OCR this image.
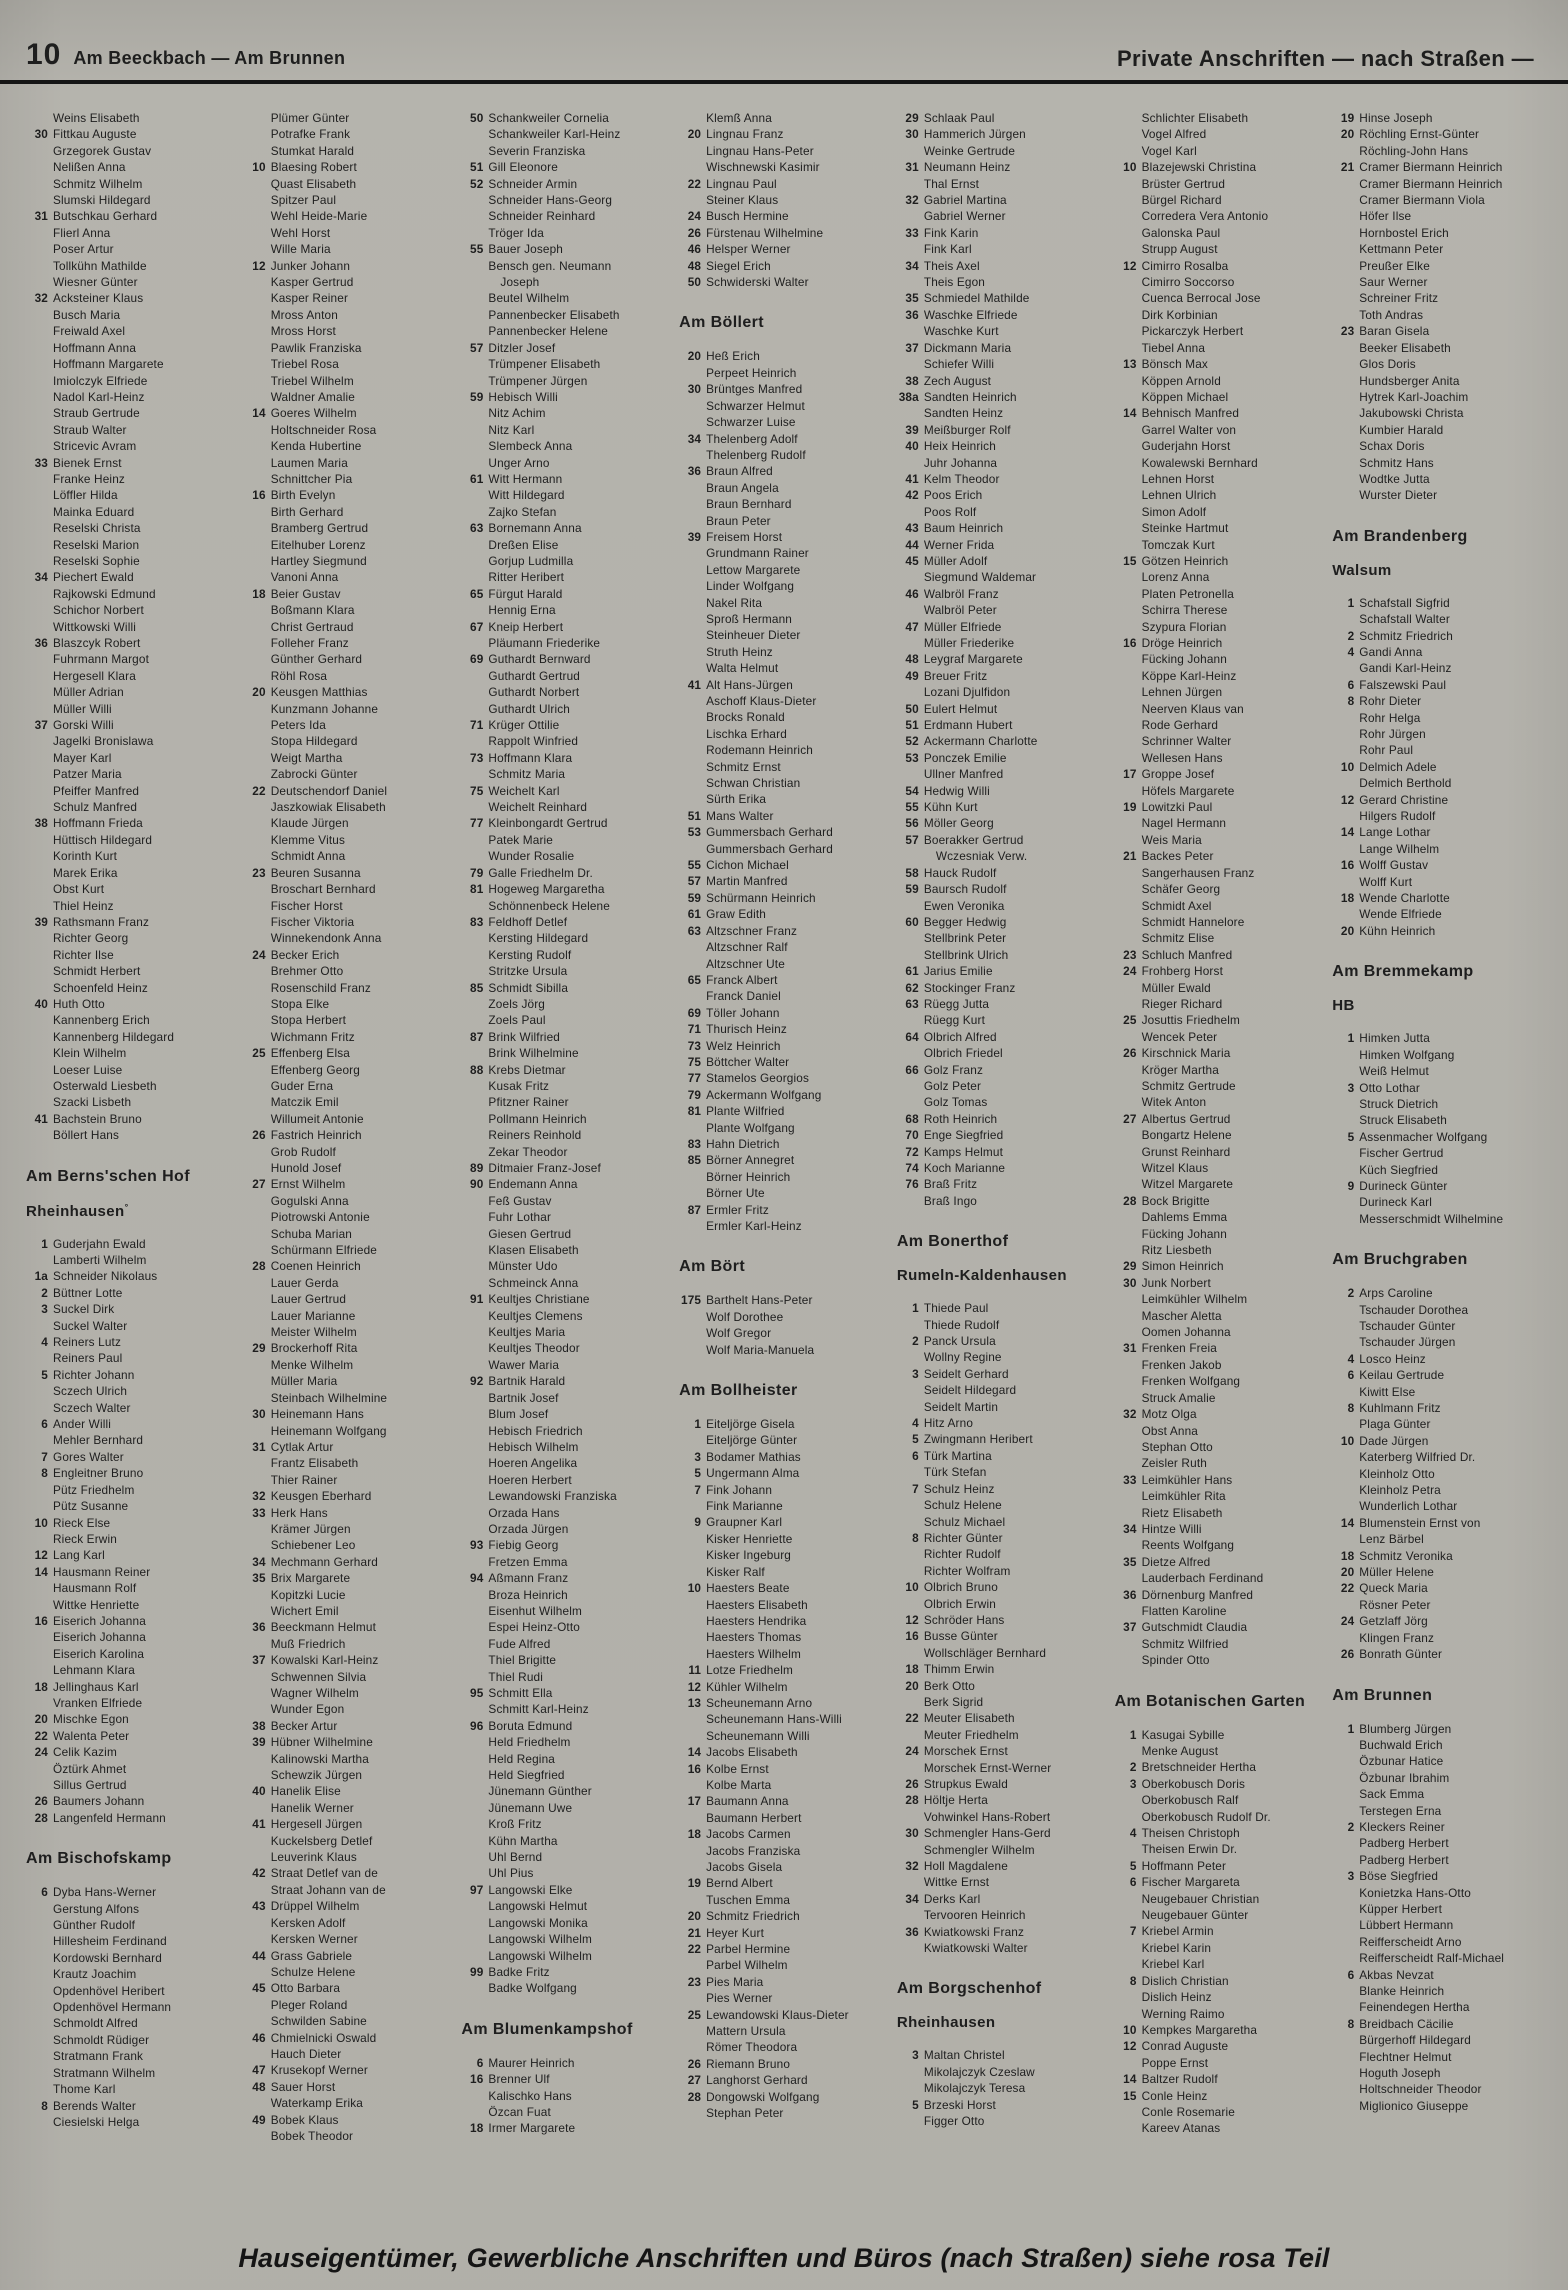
10 Am Beeckbach — Am Brunnen	Private Anschriften — nach Straßen —
Weins Elisabeth
30 Fittkau Auguste
Grzegorek Gustav
Nelißen Anna
Schmitz Wilhelm
Slumski Hildegard
31 Butschkau Gerhard
Flierl Anna
Poser Artur
Tollkühn Mathilde
Wiesner Günter
32 Acksteiner Klaus
Busch Maria
Freiwald Axel
Hoffmann Anna
Hoffmann Margarete
Imiolczyk Elfriede
Nadol Karl-Heinz
Straub Gertrude
Straub Walter
Stricevic Avram
33 Bienek Ernst
Franke Heinz
Löffler Hilda
Mainka Eduard
Reselski Christa
Reselski Marion
Reselski Sophie
34 Piechert Ewald
Rajkowski Edmund
Schichor Norbert
Wittkowski Willi
36 Blaszcyk Robert
Fuhrmann Margot
Hergesell Klara
Müller Adrian
Müller Willi
37 Gorski Willi
Jagelki Bronislawa
Mayer Karl
Patzer Maria
Pfeiffer Manfred
Schulz Manfred
38 Hoffmann Frieda
Hüttisch Hildegard
Korinth Kurt
Marek Erika
Obst Kurt
Thiel Heinz
39 Rathsmann Franz
Richter Georg
Richter Ilse
Schmidt Herbert
Schoenfeld Heinz
40 Huth Otto
Kannenberg Erich
Kannenberg Hildegard
Klein Wilhelm
Loeser Luise
Osterwald Liesbeth
Szacki Lisbeth
41 Bachstein Bruno
Böllert Hans
Am Berns'schen Hof
Rheinhausen°
1 Guderjahn Ewald
Lamberti Wilhelm
1a Schneider Nikolaus
2 Büttner Lotte
3 Suckel Dirk
Suckel Walter
4 Reiners Lutz
Reiners Paul
5 Richter Johann
Sczech Ulrich
Sczech Walter
6 Ander Willi
Mehler Bernhard
7 Gores Walter
8 Engleitner Bruno
Pütz Friedhelm
Pütz Susanne
10 Rieck Else
Rieck Erwin
12 Lang Karl
14 Hausmann Reiner
Hausmann Rolf
Wittke Henriette
16 Eiserich Johanna
Eiserich Johanna
Eiserich Karolina
Lehmann Klara
18 Jellinghaus Karl
Vranken Elfriede
20 Mischke Egon
22 Walenta Peter
24 Celik Kazim
Öztürk Ahmet
Sillus Gertrud
26 Baumers Johann
28 Langenfeld Hermann
Am Bischofskamp
6 Dyba Hans-Werner
Gerstung Alfons
Günther Rudolf
Hillesheim Ferdinand
Kordowski Bernhard
Krautz Joachim
Opdenhövel Heribert
Opdenhövel Hermann
Schmoldt Alfred
Schmoldt Rüdiger
Stratmann Frank
Stratmann Wilhelm
Thome Karl
8 Berends Walter
Ciesielski Helga
Plümer Günter
Potrafke Frank
Stumkat Harald
10 Blaesing Robert
Quast Elisabeth
Spitzer Paul
Wehl Heide-Marie
Wehl Horst
Wille Maria
12 Junker Johann
Kasper Gertrud
Kasper Reiner
Mross Anton
Mross Horst
Pawlik Franziska
Triebel Rosa
Triebel Wilhelm
Waldner Amalie
14 Goeres Wilhelm
Holtschneider Rosa
Kenda Hubertine
Laumen Maria
Schnittcher Pia
16 Birth Evelyn
Birth Gerhard
Bramberg Gertrud
Eitelhuber Lorenz
Hartley Siegmund
Vanoni Anna
18 Beier Gustav
Boßmann Klara
Christ Gertraud
Folleher Franz
Günther Gerhard
Röhl Rosa
20 Keusgen Matthias
Kunzmann Johanne
Peters Ida
Stopa Hildegard
Weigt Martha
Zabrocki Günter
22 Deutschendorf Daniel
Jaszkowiak Elisabeth
Klaude Jürgen
Klemme Vitus
Schmidt Anna
23 Beuren Susanna
Broschart Bernhard
Fischer Horst
Fischer Viktoria
Winnekendonk Anna
24 Becker Erich
Brehmer Otto
Rosenschild Franz
Stopa Elke
Stopa Herbert
Wichmann Fritz
25 Effenberg Elsa
Effenberg Georg
Guder Erna
Matczik Emil
Willumeit Antonie
26 Fastrich Heinrich
Grob Rudolf
Hunold Josef
27 Ernst Wilhelm
Gogulski Anna
Piotrowski Antonie
Schuba Marian
Schürmann Elfriede
28 Coenen Heinrich
Lauer Gerda
Lauer Gertrud
Lauer Marianne
Meister Wilhelm
29 Brockerhoff Rita
Menke Wilhelm
Müller Maria
Steinbach Wilhelmine
30 Heinemann Hans
Heinemann Wolfgang
31 Cytlak Artur
Frantz Elisabeth
Thier Rainer
32 Keusgen Eberhard
33 Herk Hans
Krämer Jürgen
Schiebener Leo
34 Mechmann Gerhard
35 Brix Margarete
Kopitzki Lucie
Wichert Emil
36 Beeckmann Helmut
Muß Friedrich
37 Kowalski Karl-Heinz
Schwennen Silvia
Wagner Wilhelm
Wunder Egon
38 Becker Artur
39 Hübner Wilhelmine
Kalinowski Martha
Schewzik Jürgen
40 Hanelik Elise
Hanelik Werner
41 Hergesell Jürgen
Kuckelsberg Detlef
Leuverink Klaus
42 Straat Detlef van de
Straat Johann van de
43 Drüppel Wilhelm
Kersken Adolf
Kersken Werner
44 Grass Gabriele
Schulze Helene
45 Otto Barbara
Pleger Roland
Schwilden Sabine
46 Chmielnicki Oswald
Hauch Dieter
47 Krusekopf Werner
48 Sauer Horst
Waterkamp Erika
49 Bobek Klaus
Bobek Theodor
50 Schankweiler Cornelia
Schankweiler Karl-Heinz
Severin Franziska
51 Gill Eleonore
52 Schneider Armin
Schneider Hans-Georg
Schneider Reinhard
Tröger Ida
55 Bauer Joseph
Bensch gen. Neumann
Joseph
Beutel Wilhelm
Pannenbecker Elisabeth
Pannenbecker Helene
57 Ditzler Josef
Trümpener Elisabeth
Trümpener Jürgen
59 Hebisch Willi
Nitz Achim
Nitz Karl
Slembeck Anna
Unger Arno
61 Witt Hermann
Witt Hildegard
Zajko Stefan
63 Bornemann Anna
Dreßen Elise
Gorjup Ludmilla
Ritter Heribert
65 Fürgut Harald
Hennig Erna
67 Kneip Herbert
Pläumann Friederike
69 Guthardt Bernward
Guthardt Gertrud
Guthardt Norbert
Guthardt Ulrich
71 Krüger Ottilie
Rappolt Winfried
73 Hoffmann Klara
Schmitz Maria
75 Weichelt Karl
Weichelt Reinhard
77 Kleinbongardt Gertrud
Patek Marie
Wunder Rosalie
79 Galle Friedhelm Dr.
81 Hogeweg Margaretha
Schönnenbeck Helene
83 Feldhoff Detlef
Kersting Hildegard
Kersting Rudolf
Stritzke Ursula
85 Schmidt Sibilla
Zoels Jörg
Zoels Paul
87 Brink Wilfried
Brink Wilhelmine
88 Krebs Dietmar
Kusak Fritz
Pfitzner Rainer
Pollmann Heinrich
Reiners Reinhold
Zekar Theodor
89 Ditmaier Franz-Josef
90 Endemann Anna
Feß Gustav
Fuhr Lothar
Giesen Gertrud
Klasen Elisabeth
Münster Udo
Schmeinck Anna
91 Keultjes Christiane
Keultjes Clemens
Keultjes Maria
Keultjes Theodor
Wawer Maria
92 Bartnik Harald
Bartnik Josef
Blum Josef
Hebisch Friedrich
Hebisch Wilhelm
Hoeren Angelika
Hoeren Herbert
Lewandowski Franziska
Orzada Hans
Orzada Jürgen
93 Fiebig Georg
Fretzen Emma
94 Aßmann Franz
Broza Heinrich
Eisenhut Wilhelm
Espei Heinz-Otto
Fude Alfred
Thiel Brigitte
Thiel Rudi
95 Schmitt Ella
Schmitt Karl-Heinz
96 Boruta Edmund
Held Friedhelm
Held Regina
Held Siegfried
Jünemann Günther
Jünemann Uwe
Kroß Fritz
Kühn Martha
Uhl Bernd
Uhl Pius
97 Langowski Elke
Langowski Helmut
Langowski Monika
Langowski Wilhelm
Langowski Wilhelm
99 Badke Fritz
Badke Wolfgang
Am Blumenkampshof
6 Maurer Heinrich
16 Brenner Ulf
Kalischko Hans
Özcan Fuat
18 Irmer Margarete
Klemß Anna
20 Lingnau Franz
Lingnau Hans-Peter
Wischnewski Kasimir
22 Lingnau Paul
Steiner Klaus
24 Busch Hermine
26 Fürstenau Wilhelmine
46 Helsper Werner
48 Siegel Erich
50 Schwiderski Walter
Am Böllert
20 Heß Erich
Perpeet Heinrich
30 Brüntges Manfred
Schwarzer Helmut
Schwarzer Luise
34 Thelenberg Adolf
Thelenberg Rudolf
36 Braun Alfred
Braun Angela
Braun Bernhard
Braun Peter
39 Freisem Horst
Grundmann Rainer
Lettow Margarete
Linder Wolfgang
Nakel Rita
Sproß Hermann
Steinheuer Dieter
Struth Heinz
Walta Helmut
41 Alt Hans-Jürgen
Aschoff Klaus-Dieter
Brocks Ronald
Lischka Erhard
Rodemann Heinrich
Schmitz Ernst
Schwan Christian
Sürth Erika
51 Mans Walter
53 Gummersbach Gerhard
Gummersbach Gerhard
55 Cichon Michael
57 Martin Manfred
59 Schürmann Heinrich
61 Graw Edith
63 Altzschner Franz
Altzschner Ralf
Altzschner Ute
65 Franck Albert
Franck Daniel
69 Töller Johann
71 Thurisch Heinz
73 Welz Heinrich
75 Böttcher Walter
77 Stamelos Georgios
79 Ackermann Wolfgang
81 Plante Wilfried
Plante Wolfgang
83 Hahn Dietrich
85 Börner Annegret
Börner Heinrich
Börner Ute
87 Ermler Fritz
Ermler Karl-Heinz
Am Bört
175 Barthelt Hans-Peter
Wolf Dorothee
Wolf Gregor
Wolf Maria-Manuela
Am Bollheister
1 Eiteljörge Gisela
Eiteljörge Günter
3 Bodamer Mathias
5 Ungermann Alma
7 Fink Johann
Fink Marianne
9 Graupner Karl
Kisker Henriette
Kisker Ingeburg
Kisker Ralf
10 Haesters Beate
Haesters Elisabeth
Haesters Hendrika
Haesters Thomas
Haesters Wilhelm
11 Lotze Friedhelm
12 Kühler Wilhelm
13 Scheunemann Arno
Scheunemann Hans-Willi
Scheunemann Willi
14 Jacobs Elisabeth
16 Kolbe Ernst
Kolbe Marta
17 Baumann Anna
Baumann Herbert
18 Jacobs Carmen
Jacobs Franziska
Jacobs Gisela
19 Bernd Albert
Tuschen Emma
20 Schmitz Friedrich
21 Heyer Kurt
22 Parbel Hermine
Parbel Wilhelm
23 Pies Maria
Pies Werner
25 Lewandowski Klaus-Dieter
Mattern Ursula
Römer Theodora
26 Riemann Bruno
27 Langhorst Gerhard
28 Dongowski Wolfgang
Stephan Peter
29 Schlaak Paul
30 Hammerich Jürgen
Weinke Gertrude
31 Neumann Heinz
Thal Ernst
32 Gabriel Martina
Gabriel Werner
33 Fink Karin
Fink Karl
34 Theis Axel
Theis Egon
35 Schmiedel Mathilde
36 Waschke Elfriede
Waschke Kurt
37 Dickmann Maria
Schiefer Willi
38 Zech August
38a Sandten Heinrich
Sandten Heinz
39 Meißburger Rolf
40 Heix Heinrich
Juhr Johanna
41 Kelm Theodor
42 Poos Erich
Poos Rolf
43 Baum Heinrich
44 Werner Frida
45 Müller Adolf
Siegmund Waldemar
46 Walbröl Franz
Walbröl Peter
47 Müller Elfriede
Müller Friederike
48 Leygraf Margarete
49 Breuer Fritz
Lozani Djulfidon
50 Eulert Helmut
51 Erdmann Hubert
52 Ackermann Charlotte
53 Ponczek Emilie
Ullner Manfred
54 Hedwig Willi
55 Kühn Kurt
56 Möller Georg
57 Boerakker Gertrud
Wczesniak Verw.
58 Hauck Rudolf
59 Baursch Rudolf
Ewen Veronika
60 Begger Hedwig
Stellbrink Peter
Stellbrink Ulrich
61 Jarius Emilie
62 Stockinger Franz
63 Rüegg Jutta
Rüegg Kurt
64 Olbrich Alfred
Olbrich Friedel
66 Golz Franz
Golz Peter
Golz Tomas
68 Roth Heinrich
70 Enge Siegfried
72 Kamps Helmut
74 Koch Marianne
76 Braß Fritz
Braß Ingo
Am Bonerthof
Rumeln-Kaldenhausen
1 Thiede Paul
Thiede Rudolf
2 Panck Ursula
Wollny Regine
3 Seidelt Gerhard
Seidelt Hildegard
Seidelt Martin
4 Hitz Arno
5 Zwingmann Heribert
6 Türk Martina
Türk Stefan
7 Schulz Heinz
Schulz Helene
Schulz Michael
8 Richter Günter
Richter Rudolf
Richter Wolfram
10 Olbrich Bruno
Olbrich Erwin
12 Schröder Hans
16 Busse Günter
Wollschläger Bernhard
18 Thimm Erwin
20 Berk Otto
Berk Sigrid
22 Meuter Elisabeth
Meuter Friedhelm
24 Morschek Ernst
Morschek Ernst-Werner
26 Strupkus Ewald
28 Höltje Herta
Vohwinkel Hans-Robert
30 Schmengler Hans-Gerd
Schmengler Wilhelm
32 Holl Magdalene
Wittke Ernst
34 Derks Karl
Tervooren Heinrich
36 Kwiatkowski Franz
Kwiatkowski Walter
Am Borgschenhof
Rheinhausen
3 Maltan Christel
Mikolajczyk Czeslaw
Mikolajczyk Teresa
5 Brzeski Horst
Figger Otto
Schlichter Elisabeth
Vogel Alfred
Vogel Karl
10 Blazejewski Christina
Brüster Gertrud
Bürgel Richard
Corredera Vera Antonio
Galonska Paul
Strupp August
12 Cimirro Rosalba
Cimirro Soccorso
Cuenca Berrocal Jose
Dirk Korbinian
Pickarczyk Herbert
Tiebel Anna
13 Bönsch Max
Köppen Arnold
Köppen Michael
14 Behnisch Manfred
Garrel Walter von
Guderjahn Horst
Kowalewski Bernhard
Lehnen Horst
Lehnen Ulrich
Simon Adolf
Steinke Hartmut
Tomczak Kurt
15 Götzen Heinrich
Lorenz Anna
Platen Petronella
Schirra Therese
Szypura Florian
16 Dröge Heinrich
Fücking Johann
Köppe Karl-Heinz
Lehnen Jürgen
Neerven Klaus van
Rode Gerhard
Schrinner Walter
Wellesen Hans
17 Groppe Josef
Höfels Margarete
19 Lowitzki Paul
Nagel Hermann
Weis Maria
21 Backes Peter
Sangerhausen Franz
Schäfer Georg
Schmidt Axel
Schmidt Hannelore
Schmitz Elise
23 Schluch Manfred
24 Frohberg Horst
Müller Ewald
Rieger Richard
25 Josuttis Friedhelm
Wencek Peter
26 Kirschnick Maria
Kröger Martha
Schmitz Gertrude
Witek Anton
27 Albertus Gertrud
Bongartz Helene
Grunst Reinhard
Witzel Klaus
Witzel Margarete
28 Bock Brigitte
Dahlems Emma
Fücking Johann
Ritz Liesbeth
29 Simon Heinrich
30 Junk Norbert
Leimkühler Wilhelm
Mascher Aletta
Oomen Johanna
31 Frenken Freia
Frenken Jakob
Frenken Wolfgang
Struck Amalie
32 Motz Olga
Obst Anna
Stephan Otto
Zeisler Ruth
33 Leimkühler Hans
Leimkühler Rita
Rietz Elisabeth
34 Hintze Willi
Reents Wolfgang
35 Dietze Alfred
Lauderbach Ferdinand
36 Dörnenburg Manfred
Flatten Karoline
37 Gutschmidt Claudia
Schmitz Wilfried
Spinder Otto
Am Botanischen Garten
1 Kasugai Sybille
Menke August
2 Bretschneider Hertha
3 Oberkobusch Doris
Oberkobusch Ralf
Oberkobusch Rudolf Dr.
4 Theisen Christoph
Theisen Erwin Dr.
5 Hoffmann Peter
6 Fischer Margareta
Neugebauer Christian
Neugebauer Günter
7 Kriebel Armin
Kriebel Karin
Kriebel Karl
8 Dislich Christian
Dislich Heinz
Werning Raimo
10 Kempkes Margaretha
12 Conrad Auguste
Poppe Ernst
14 Baltzer Rudolf
15 Conle Heinz
Conle Rosemarie
Kareev Atanas
19 Hinse Joseph
20 Röchling Ernst-Günter
Röchling-John Hans
21 Cramer Biermann Heinrich
Cramer Biermann Heinrich
Cramer Biermann Viola
Höfer Ilse
Hornbostel Erich
Kettmann Peter
Preußer Elke
Saur Werner
Schreiner Fritz
Toth Andras
23 Baran Gisela
Beeker Elisabeth
Glos Doris
Hundsberger Anita
Hytrek Karl-Joachim
Jakubowski Christa
Kumbier Harald
Schax Doris
Schmitz Hans
Wodtke Jutta
Wurster Dieter
Am Brandenberg
Walsum
1 Schafstall Sigfrid
Schafstall Walter
2 Schmitz Friedrich
4 Gandi Anna
Gandi Karl-Heinz
6 Falszewski Paul
8 Rohr Dieter
Rohr Helga
Rohr Jürgen
Rohr Paul
10 Delmich Adele
Delmich Berthold
12 Gerard Christine
Hilgers Rudolf
14 Lange Lothar
Lange Wilhelm
16 Wolff Gustav
Wolff Kurt
18 Wende Charlotte
Wende Elfriede
20 Kühn Heinrich
Am Bremmekamp
HB
1 Himken Jutta
Himken Wolfgang
Weiß Helmut
3 Otto Lothar
Struck Dietrich
Struck Elisabeth
5 Assenmacher Wolfgang
Fischer Gertrud
Küch Siegfried
9 Durineck Günter
Durineck Karl
Messerschmidt Wilhelmine
Am Bruchgraben
2 Arps Caroline
Tschauder Dorothea
Tschauder Günter
Tschauder Jürgen
4 Losco Heinz
6 Keilau Gertrude
Kiwitt Else
8 Kuhlmann Fritz
Plaga Günter
10 Dade Jürgen
Katerberg Wilfried Dr.
Kleinholz Otto
Kleinholz Petra
Wunderlich Lothar
14 Blumenstein Ernst von
Lenz Bärbel
18 Schmitz Veronika
20 Müller Helene
22 Queck Maria
Rösner Peter
24 Getzlaff Jörg
Klingen Franz
26 Bonrath Günter
Am Brunnen
1 Blumberg Jürgen
Buchwald Erich
Özbunar Hatice
Özbunar Ibrahim
Sack Emma
Terstegen Erna
2 Kleckers Reiner
Padberg Herbert
Padberg Herbert
3 Böse Siegfried
Konietzka Hans-Otto
Küpper Herbert
Lübbert Hermann
Reifferscheidt Arno
Reifferscheidt Ralf-Michael
6 Akbas Nevzat
Blanke Heinrich
Feinendegen Hertha
8 Breidbach Cäcilie
Bürgerhoff Hildegard
Flechtner Helmut
Hoguth Joseph
Holtschneider Theodor
Miglionico Giuseppe
Hauseigentümer, Gewerbliche Anschriften und Büros (nach Straßen) siehe rosa Teil
